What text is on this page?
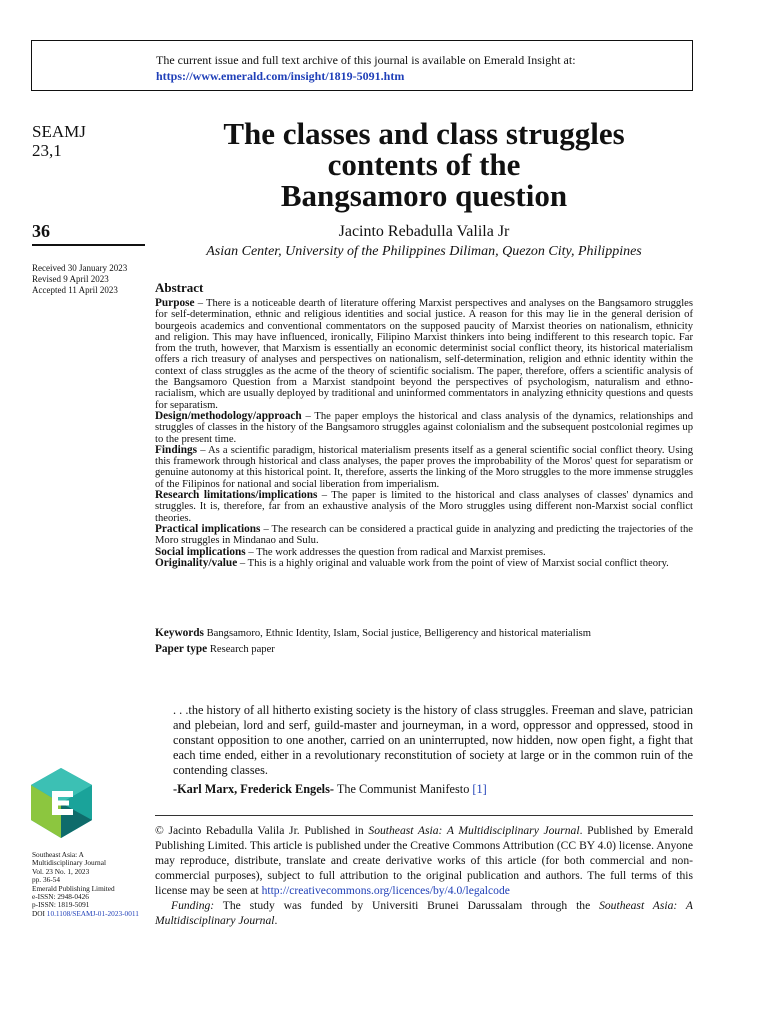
The current issue and full text archive of this journal is available on Emerald Insight at:
https://www.emerald.com/insight/1819-5091.htm
SEAMJ
23,1
36
Received 30 January 2023
Revised 9 April 2023
Accepted 11 April 2023
The classes and class struggles
contents of the
Bangsamoro question
Jacinto Rebadulla Valila Jr
Asian Center, University of the Philippines Diliman, Quezon City, Philippines
Abstract

Purpose – There is a noticeable dearth of literature offering Marxist perspectives and analyses on the Bangsamoro struggles for self-determination, ethnic and religious identities and social justice. A reason for this may lie in the general derision of bourgeois academics and conventional commentators on the supposed paucity of Marxist theories on nationalism, ethnicity and religion. This may have influenced, ironically, Filipino Marxist thinkers into being indifferent to this research topic. Far from the truth, however, that Marxism is essentially an economic determinist social conflict theory, its historical materialism offers a rich treasury of analyses and perspectives on nationalism, self-determination, religion and ethnic identity within the context of class struggles as the acme of the theory of scientific socialism. The paper, therefore, offers a scientific analysis of the Bangsamoro Question from a Marxist standpoint beyond the perspectives of psychologism, naturalism and ethno-racialism, which are usually deployed by traditional and uninformed commentators in analyzing ethnicity questions and quests for separatism.

Design/methodology/approach – The paper employs the historical and class analysis of the dynamics, relationships and struggles of classes in the history of the Bangsamoro struggles against colonialism and the subsequent postcolonial regimes up to the present time.

Findings – As a scientific paradigm, historical materialism presents itself as a general scientific social conflict theory. Using this framework through historical and class analyses, the paper proves the improbability of the Moros' quest for separatism or genuine autonomy at this historical point. It, therefore, asserts the linking of the Moro struggles to the more immense struggles of the Filipinos for national and social liberation from imperialism.

Research limitations/implications – The paper is limited to the historical and class analyses of classes' dynamics and struggles. It is, therefore, far from an exhaustive analysis of the Moro struggles using different non-Marxist social conflict theories.

Practical implications – The research can be considered a practical guide in analyzing and predicting the trajectories of the Moro struggles in Mindanao and Sulu.

Social implications – The work addresses the question from radical and Marxist premises.

Originality/value – This is a highly original and valuable work from the point of view of Marxist social conflict theory.

Keywords Bangsamoro, Ethnic Identity, Islam, Social justice, Belligerency and historical materialism
Paper type Research paper
. . .the history of all hitherto existing society is the history of class struggles. Freeman and slave, patrician and plebeian, lord and serf, guild-master and journeyman, in a word, oppressor and oppressed, stood in constant opposition to one another, carried on an uninterrupted, now hidden, now open fight, a fight that each time ended, either in a revolutionary reconstitution of society at large or in the common ruin of the contending classes.
-Karl Marx, Frederick Engels- The Communist Manifesto [1]

© Jacinto Rebadulla Valila Jr. Published in Southeast Asia: A Multidisciplinary Journal. Published by Emerald Publishing Limited. This article is published under the Creative Commons Attribution (CC BY 4.0) license. Anyone may reproduce, distribute, translate and create derivative works of this article (for both commercial and non-commercial purposes), subject to full attribution to the original publication and authors. The full terms of this license may be seen at http://creativecommons.org/licences/by/4.0/legalcode

Funding: The study was funded by Universiti Brunei Darussalam through the Southeast Asia: A Multidisciplinary Journal.

Southeast Asia: A
Multidisciplinary Journal
Vol. 23 No. 1, 2023
pp. 36-54
Emerald Publishing Limited
e-ISSN: 2948-0426
p-ISSN: 1819-5091
DOI 10.1108/SEAMJ-01-2023-0011
